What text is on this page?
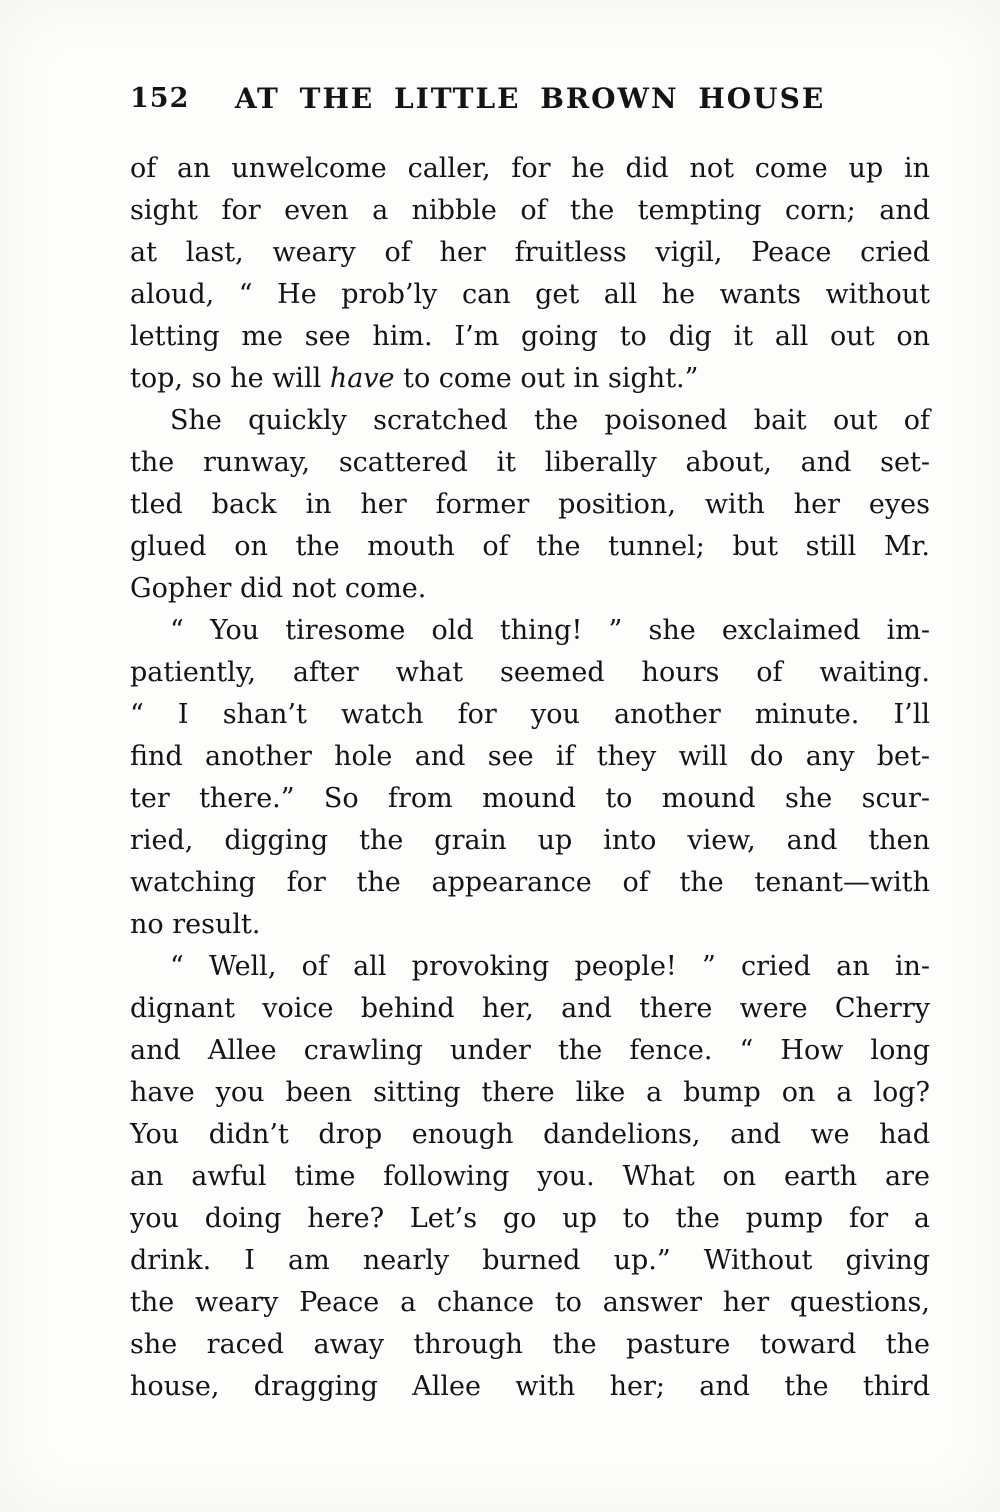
152 AT THE LITTLE BROWN HOUSE
of an unwelcome caller, for he did not come up in
sight for even a nibble of the tempting corn; and
at last, weary of her fruitless vigil, Peace cried
aloud, “ He prob’ly can get all he wants without
letting me see him. I’m going to dig it all out on
top, so he will have to come out in sight.”
She quickly scratched the poisoned bait out of
the runway, scattered it liberally about, and set-
tled back in her former position, with her eyes
glued on the mouth of the tunnel; but still Mr.
Gopher did not come.
“ You tiresome old thing! ” she exclaimed im-
patiently, after what seemed hours of waiting.
“ I shan’t watch for you another minute. I’ll
find another hole and see if they will do any bet-
ter there.” So from mound to mound she scur-
ried, digging the grain up into view, and then
watching for the appearance of the tenant—with
no result.
“ Well, of all provoking people! ” cried an in-
dignant voice behind her, and there were Cherry
and Allee crawling under the fence. “ How long
have you been sitting there like a bump on a log?
You didn’t drop enough dandelions, and we had
an awful time following you. What on earth are
you doing here? Let’s go up to the pump for a
drink. I am nearly burned up.” Without giving
the weary Peace a chance to answer her questions,
she raced away through the pasture toward the
house, dragging Allee with her; and the third
